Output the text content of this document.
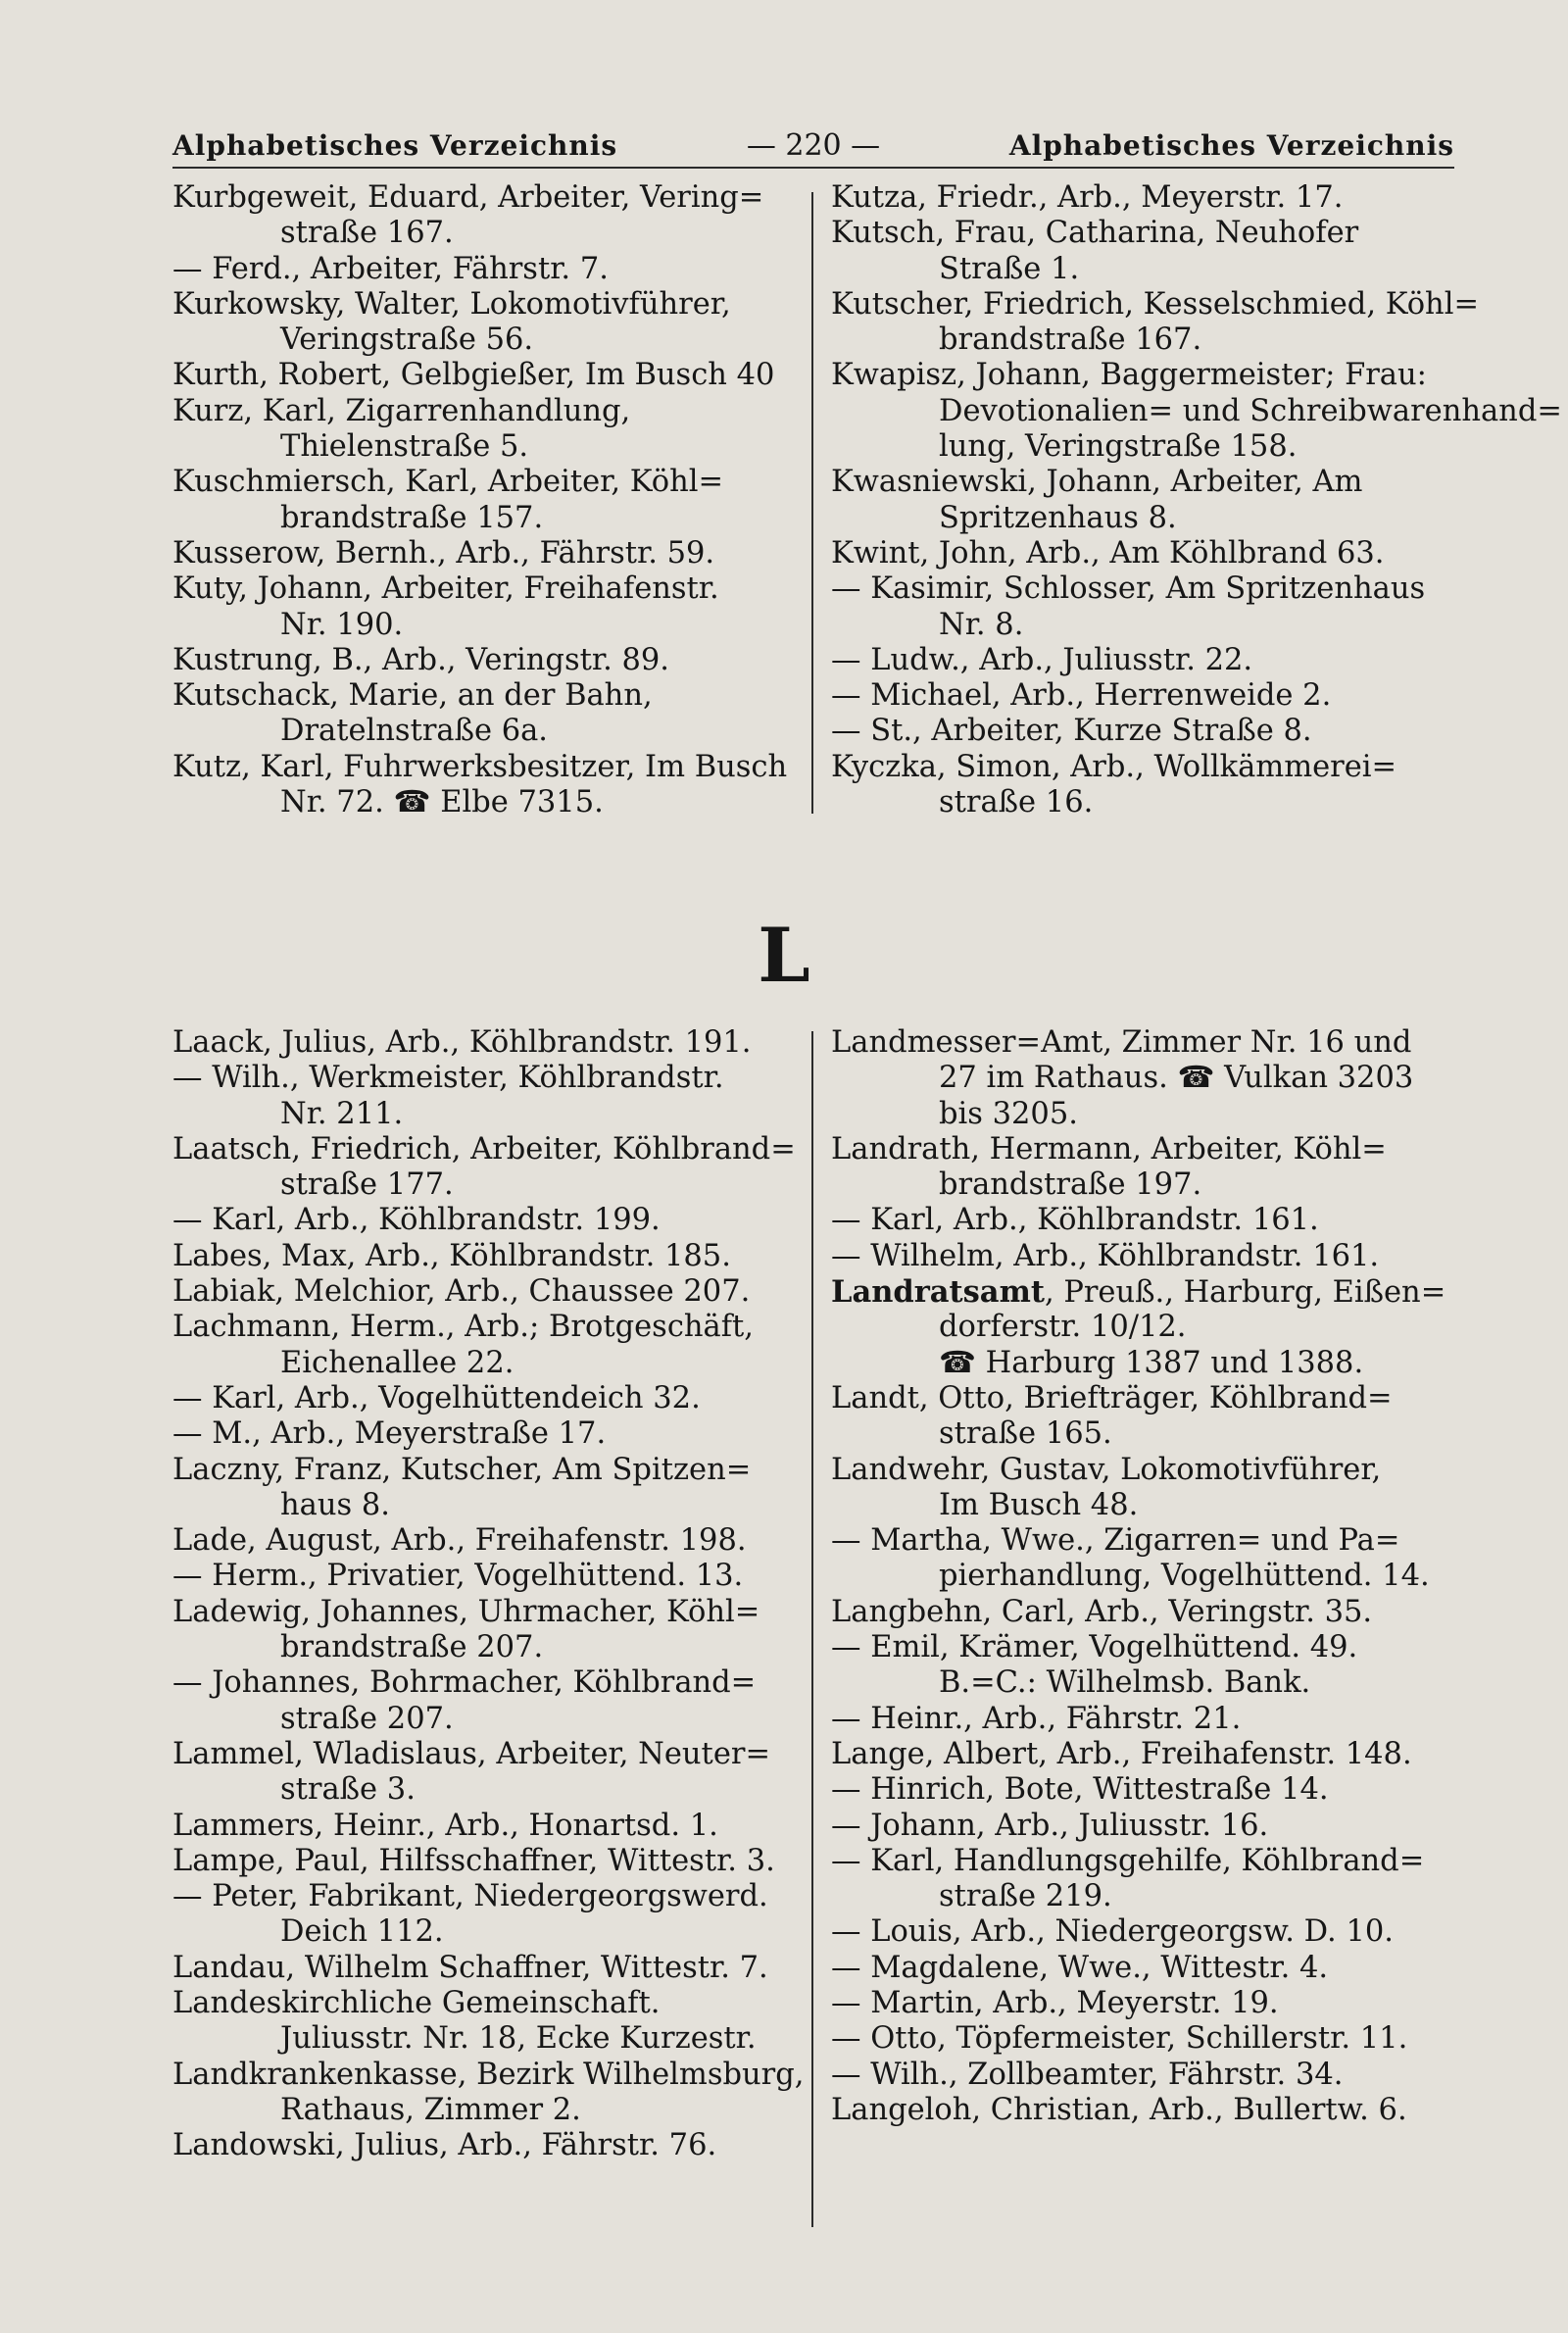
Alphabetisches Verzeichnis	— 220 —	Alphabetisches Verzeichnis
Kurbgeweit, Eduard, Arbeiter, Vering=
straße 167.
— Ferd., Arbeiter, Fährstr. 7.
Kurkowsky, Walter, Lokomotivführer,
Veringstraße 56.
Kurth, Robert, Gelbgießer, Im Busch 40
Kurz, Karl, Zigarrenhandlung,
Thielenstraße 5.
Kuschmiersch, Karl, Arbeiter, Köhl=
brandstraße 157.
Kusserow, Bernh., Arb., Fährstr. 59.
Kuty, Johann, Arbeiter, Freihafenstr.
Nr. 190.
Kustrung, B., Arb., Veringstr. 89.
Kutschack, Marie, an der Bahn,
Dratelnstraße 6a.
Kutz, Karl, Fuhrwerksbesitzer, Im Busch
Nr. 72. ☎ Elbe 7315.
Kutza, Friedr., Arb., Meyerstr. 17.
Kutsch, Frau, Catharina, Neuhofer
Straße 1.
Kutscher, Friedrich, Kesselschmied, Köhl=
brandstraße 167.
Kwapisz, Johann, Baggermeister; Frau:
Devotionalien= und Schreibwarenhand=
lung, Veringstraße 158.
Kwasniewski, Johann, Arbeiter, Am
Spritzenhaus 8.
Kwint, John, Arb., Am Köhlbrand 63.
— Kasimir, Schlosser, Am Spritzenhaus
Nr. 8.
— Ludw., Arb., Juliusstr. 22.
— Michael, Arb., Herrenweide 2.
— St., Arbeiter, Kurze Straße 8.
Kyczka, Simon, Arb., Wollkämmerei=
straße 16.
L
Laack, Julius, Arb., Köhlbrandstr. 191.
— Wilh., Werkmeister, Köhlbrandstr.
Nr. 211.
Laatsch, Friedrich, Arbeiter, Köhlbrand=
straße 177.
— Karl, Arb., Köhlbrandstr. 199.
Labes, Max, Arb., Köhlbrandstr. 185.
Labiak, Melchior, Arb., Chaussee 207.
Lachmann, Herm., Arb.; Brotgeschäft,
Eichenallee 22.
— Karl, Arb., Vogelhüttendeich 32.
— M., Arb., Meyerstraße 17.
Laczny, Franz, Kutscher, Am Spitzen=
haus 8.
Lade, August, Arb., Freihafenstr. 198.
— Herm., Privatier, Vogelhüttend. 13.
Ladewig, Johannes, Uhrmacher, Köhl=
brandstraße 207.
— Johannes, Bohrmacher, Köhlbrand=
straße 207.
Lammel, Wladislaus, Arbeiter, Neuter=
straße 3.
Lammers, Heinr., Arb., Honartsd. 1.
Lampe, Paul, Hilfsschaffner, Wittestr. 3.
— Peter, Fabrikant, Niedergeorgswerd.
Deich 112.
Landau, Wilhelm Schaffner, Wittestr. 7.
Landeskirchliche Gemeinschaft.
Juliusstr. Nr. 18, Ecke Kurzestr.
Landkrankenkasse, Bezirk Wilhelmsburg,
Rathaus, Zimmer 2.
Landowski, Julius, Arb., Fährstr. 76.
Landmesser=Amt, Zimmer Nr. 16 und
27 im Rathaus. ☎ Vulkan 3203
bis 3205.
Landrath, Hermann, Arbeiter, Köhl=
brandstraße 197.
— Karl, Arb., Köhlbrandstr. 161.
— Wilhelm, Arb., Köhlbrandstr. 161.
Landratsamt, Preuß., Harburg, Eißen=
dorferstr. 10/12.
☎ Harburg 1387 und 1388.
Landt, Otto, Briefträger, Köhlbrand=
straße 165.
Landwehr, Gustav, Lokomotivführer,
Im Busch 48.
— Martha, Wwe., Zigarren= und Pa=
pierhandlung, Vogelhüttend. 14.
Langbehn, Carl, Arb., Veringstr. 35.
— Emil, Krämer, Vogelhüttend. 49.
B.=C.: Wilhelmsb. Bank.
— Heinr., Arb., Fährstr. 21.
Lange, Albert, Arb., Freihafenstr. 148.
— Hinrich, Bote, Wittestraße 14.
— Johann, Arb., Juliusstr. 16.
— Karl, Handlungsgehilfe, Köhlbrand=
straße 219.
— Louis, Arb., Niedergeorgsw. D. 10.
— Magdalene, Wwe., Wittestr. 4.
— Martin, Arb., Meyerstr. 19.
— Otto, Töpfermeister, Schillerstr. 11.
— Wilh., Zollbeamter, Fährstr. 34.
Langeloh, Christian, Arb., Bullertw. 6.
